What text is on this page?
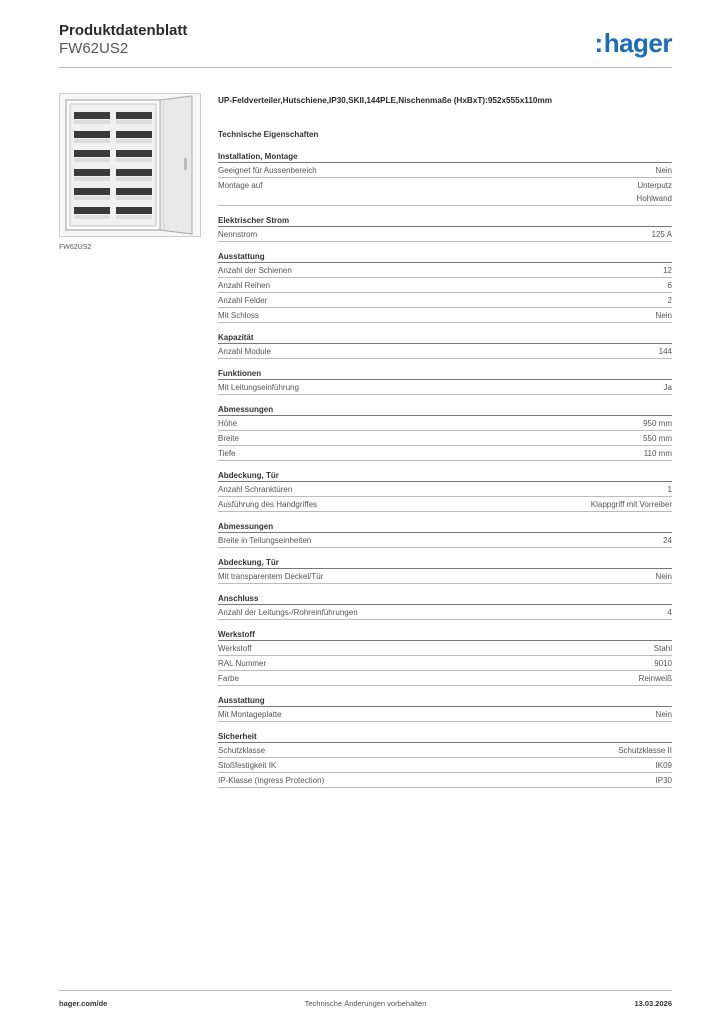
Produktdatenblatt
FW62US2	:hager
FW62US2
UP-Feldverteiler,Hutschiene,IP30,SKII,144PLE,Nischenmaße (HxBxT):952x555x110mm
Technische Eigenschaften
Installation, Montage
Geeignet für Aussenbereich	Nein
Montage auf	Unterputz
Hohlwand
Elektrischer Strom
Nennstrom	125 A
Ausstattung
Anzahl der Schienen	12
Anzahl Reihen	6
Anzahl Felder	2
Mit Schloss	Nein
Kapazität
Anzahl Module	144
Funktionen
Mit Leitungseinführung	Ja
Abmessungen
Höhe	950 mm
Breite	550 mm
Tiefe	110 mm
Abdeckung, Tür
Anzahl Schranktüren	1
Ausführung des Handgriffes	Klappgriff mit Vorreiber
Abmessungen
Breite in Teilungseinheiten	24
Abdeckung, Tür
Mit transparentem Deckel/Tür	Nein
Anschluss
Anzahl der Leitungs-/Rohreinführungen	4
Werkstoff
Werkstoff	Stahl
RAL Nummer	9010
Farbe	Reinweiß
Ausstattung
Mit Montageplatte	Nein
Sicherheit
Schutzklasse	Schutzklasse II
Stoßfestigkeit IK	IK09
IP-Klasse (Ingress Protection)	IP30
hager.com/de	Technische Änderungen vorbehalten	13.03.2026
